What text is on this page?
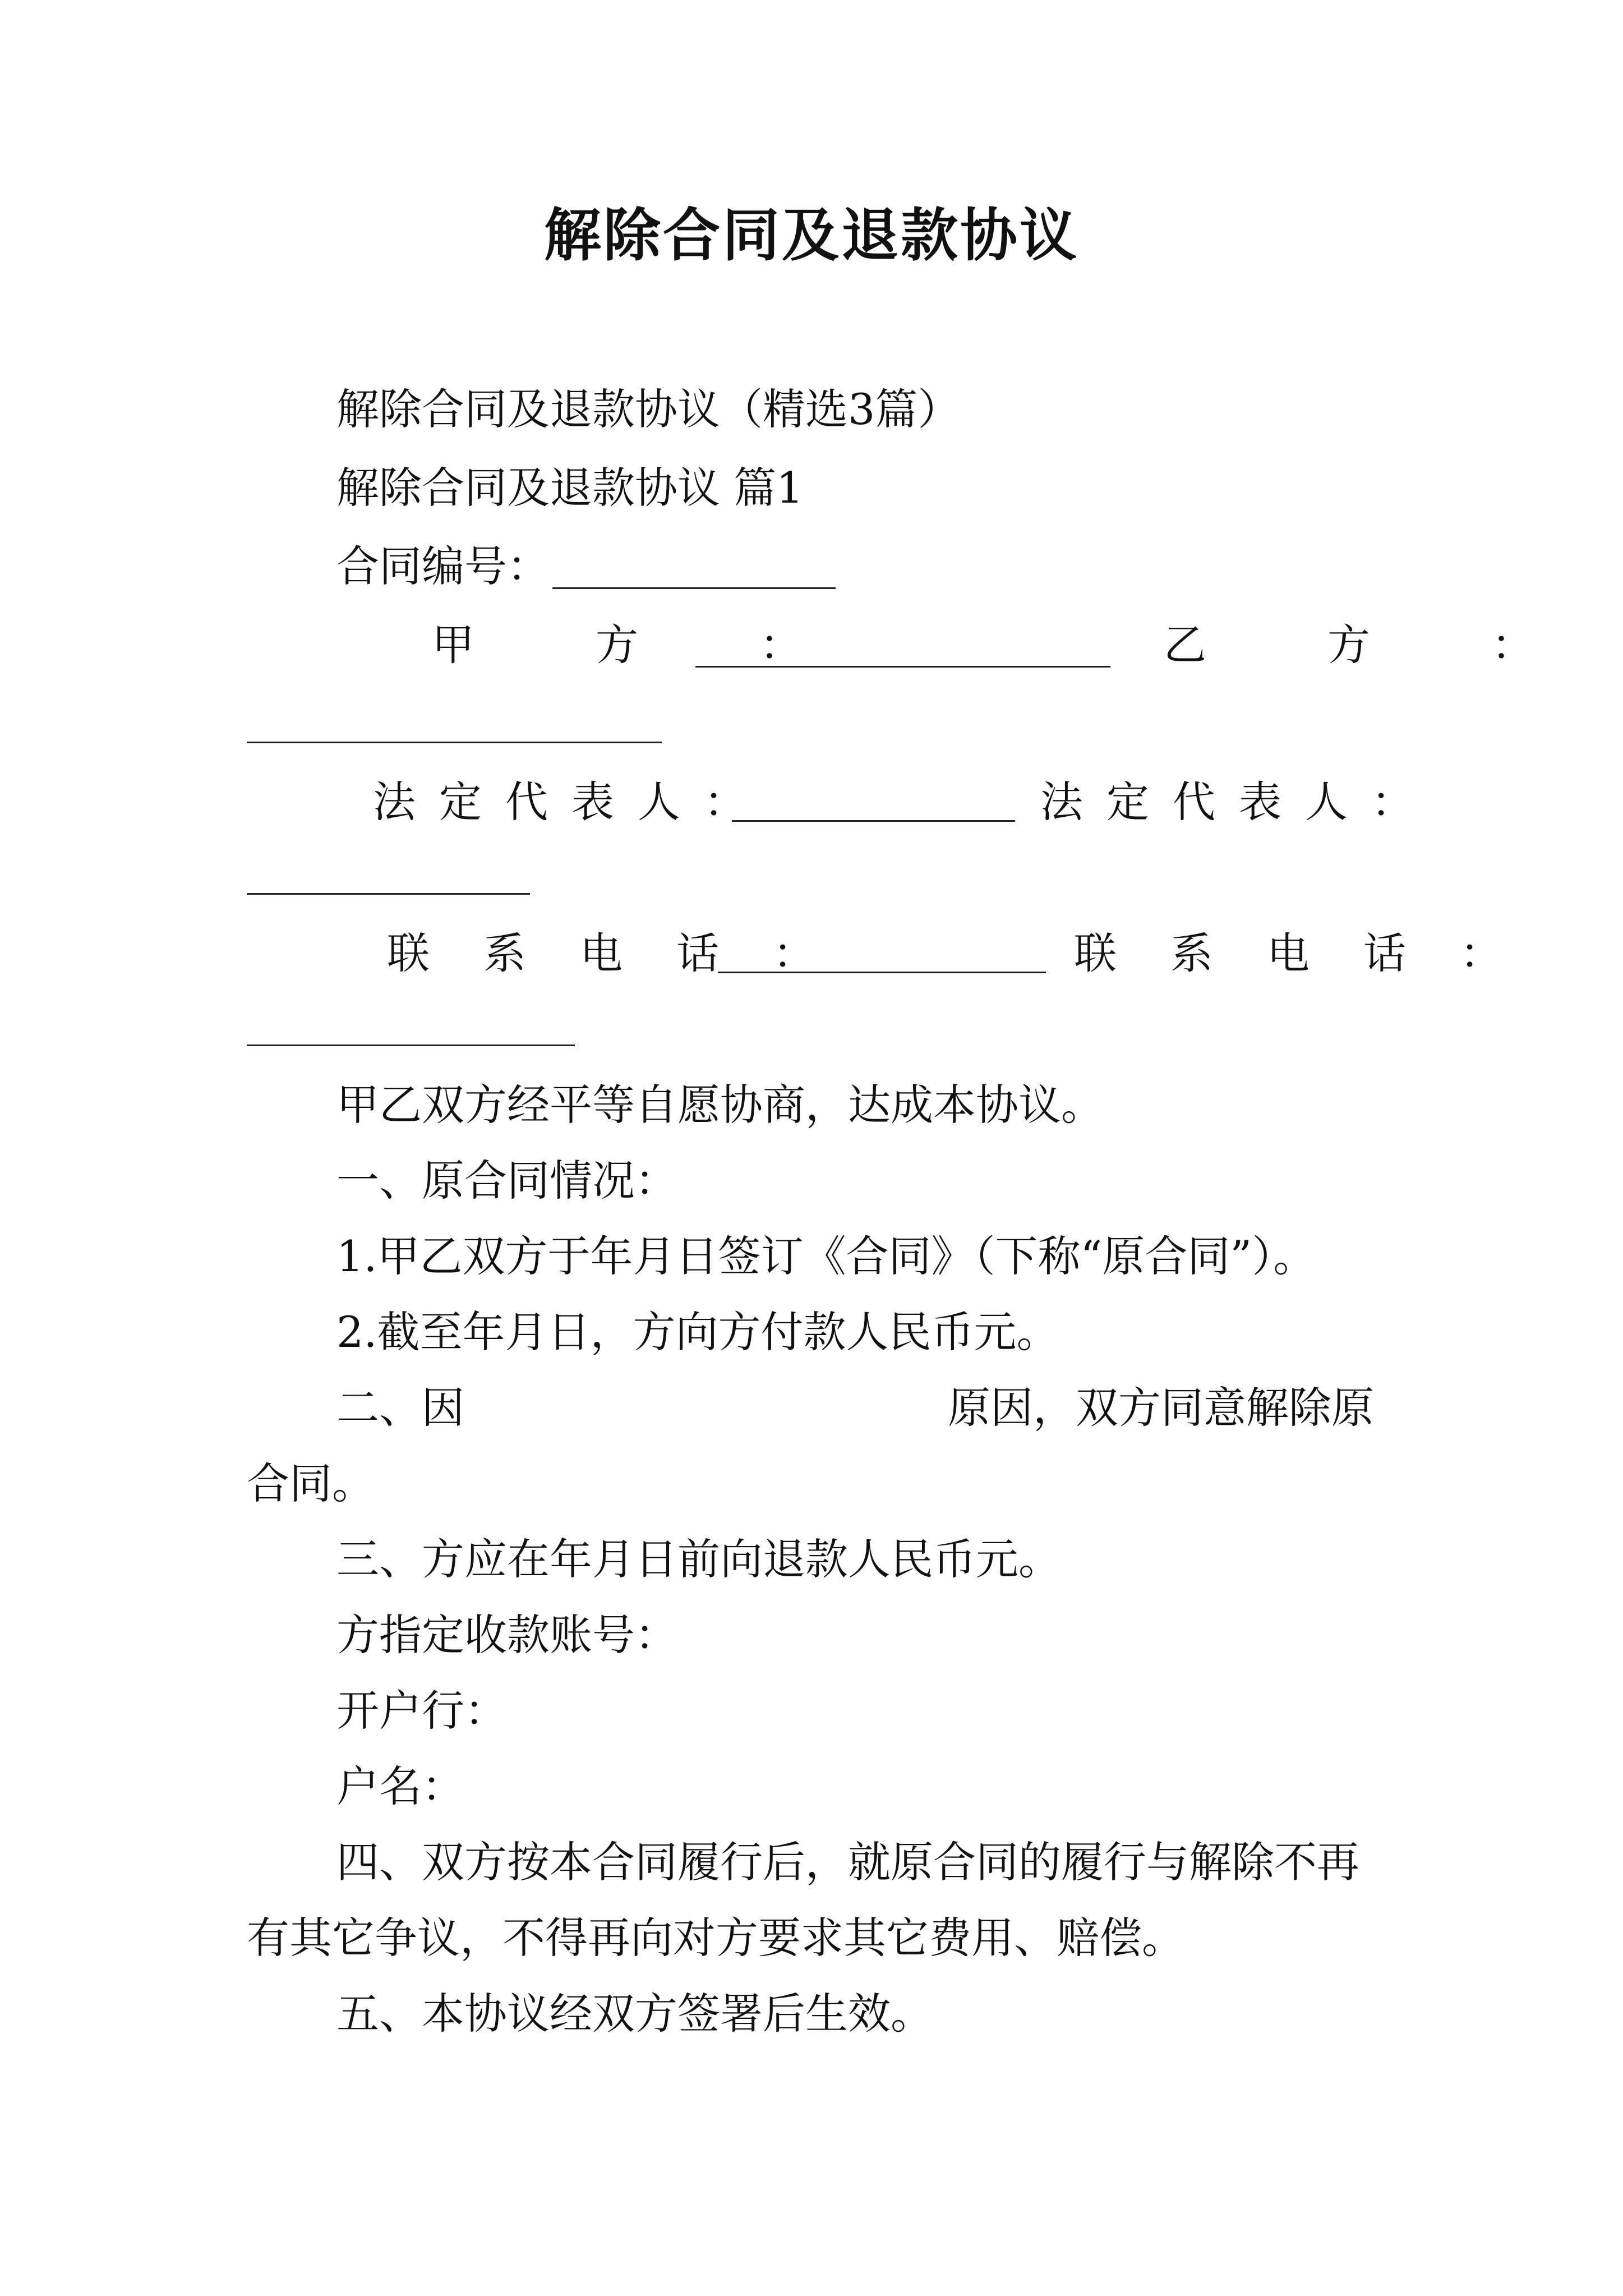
解除合同及退款协议

解除合同及退款协议（精选3篇）

解除合同及退款协议 篇1

合同编号：

甲 方 ：	乙 方 ：

法定代表人：	法定代表人：

联系电话：	联系电话：

甲乙双方经平等自愿协商，达成本协议。

一、原合同情况：

1.甲乙双方于年月日签订《合同》（下称“原合同”）。

2.截至年月日，方向方付款人民币元。

二、因	原因，双方同意解除原

合同。

三、方应在年月日前向退款人民币元。

方指定收款账号：

开户行：

户名：

四、双方按本合同履行后，就原合同的履行与解除不再

有其它争议，不得再向对方要求其它费用、赔偿。

五、本协议经双方签署后生效。
